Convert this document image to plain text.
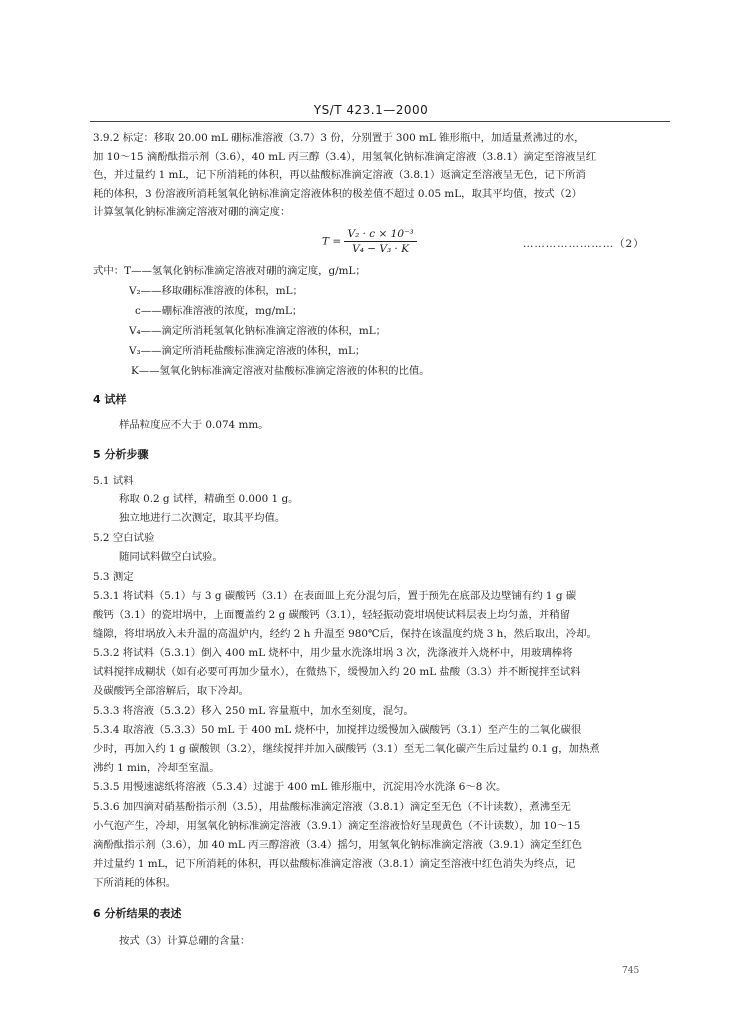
YS/T 423.1—2000
3.9.2 标定：移取 20.00 mL 硼标准溶液（3.7）3 份，分别置于 300 mL 锥形瓶中，加适量煮沸过的水，
加 10～15 滴酚酞指示剂（3.6），40 mL 丙三醇（3.4），用氢氧化钠标准滴定溶液（3.8.1）滴定至溶液呈红
色，并过量约 1 mL，记下所消耗的体积，再以盐酸标准滴定溶液（3.8.1）返滴定至溶液呈无色，记下所消
耗的体积，3 份溶液所消耗氢氧化钠标准滴定溶液体积的极差值不超过 0.05 mL，取其平均值，按式（2）
计算氢氧化钠标准滴定溶液对硼的滴定度：
$T = \frac{\text{V₂ · c × 10⁻³}}{\text{V₄ − V₃ · K}}$	……………………（2）
式中：T——氢氧化钠标准滴定溶液对硼的滴定度，g/mL；
V₂——移取硼标准溶液的体积，mL；
c——硼标准溶液的浓度，mg/mL；
V₄——滴定所消耗氢氧化钠标准滴定溶液的体积，mL；
V₃——滴定所消耗盐酸标准滴定溶液的体积，mL；
K——氢氧化钠标准滴定溶液对盐酸标准滴定溶液的体积的比值。
4 试样
样品粒度应不大于 0.074 mm。
5 分析步骤
5.1 试料
称取 0.2 g 试样，精确至 0.000 1 g。
独立地进行二次测定，取其平均值。
5.2 空白试验
随同试料做空白试验。
5.3 测定
5.3.1 将试料（5.1）与 3 g 碳酸钙（3.1）在表面皿上充分混匀后，置于预先在底部及边壁铺有约 1 g 碳
酸钙（3.1）的瓷坩埚中，上面覆盖约 2 g 碳酸钙（3.1），轻轻振动瓷坩埚使试料层表上均匀盖，并稍留
缝隙，将坩埚放入未升温的高温炉内，经约 2 h 升温至 980℃后，保持在该温度约烧 3 h，然后取出，冷却。
5.3.2 将试料（5.3.1）倒入 400 mL 烧杯中，用少量水洗涤坩埚 3 次，洗涤液并入烧杯中，用玻璃棒将
试料搅拌成糊状（如有必要可再加少量水），在微热下，缓慢加入约 20 mL 盐酸（3.3）并不断搅拌至试料
及碳酸钙全部溶解后，取下冷却。
5.3.3 将溶液（5.3.2）移入 250 mL 容量瓶中，加水至刻度，混匀。
5.3.4 取溶液（5.3.3）50 mL 于 400 mL 烧杯中，加搅拌边缓慢加入碳酸钙（3.1）至产生的二氧化碳很
少时，再加入约 1 g 碳酸钡（3.2），继续搅拌并加入碳酸钙（3.1）至无二氧化碳产生后过量约 0.1 g，加热煮
沸约 1 min，冷却至室温。
5.3.5 用慢速滤纸将溶液（5.3.4）过滤于 400 mL 锥形瓶中，沉淀用冷水洗涤 6～8 次。
5.3.6 加四滴对硝基酚指示剂（3.5），用盐酸标准滴定溶液（3.8.1）滴定至无色（不计读数），煮沸至无
小气泡产生，冷却，用氢氧化钠标准滴定溶液（3.9.1）滴定至溶液恰好呈现黄色（不计读数），加 10～15
滴酚酞指示剂（3.6），加 40 mL 丙三醇溶液（3.4）摇匀，用氢氧化钠标准滴定溶液（3.9.1）滴定至红色
并过量约 1 mL，记下所消耗的体积，再以盐酸标准滴定溶液（3.8.1）滴定至溶液中红色消失为终点，记
下所消耗的体积。
6 分析结果的表述
按式（3）计算总硼的含量：
745
